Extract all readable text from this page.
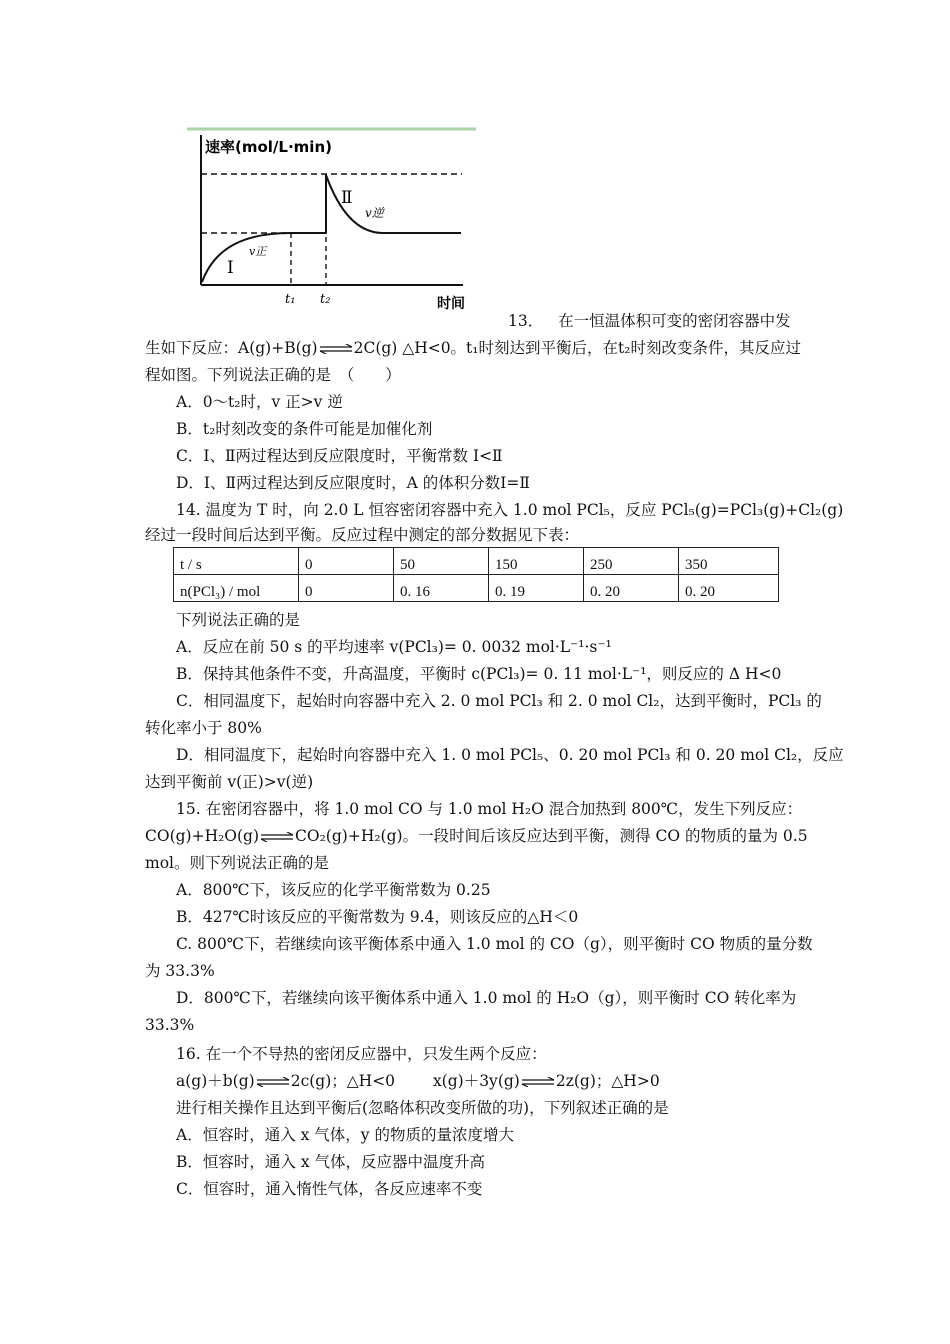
速率(mol/L·min)
时间
t₁ t₂
Ⅰ
Ⅱ
v正
v逆
13． 在一恒温体积可变的密闭容器中发
生如下反应：A(g)+B(g)⇌2C(g) △H<0。t₁时刻达到平衡后，在t₂时刻改变条件，其反应过
程如图。下列说法正确的是　（　　）
A．0～t₂时，v 正>v 逆
B．t₂时刻改变的条件可能是加催化剂
C．Ⅰ、Ⅱ两过程达到反应限度时，平衡常数 I<Ⅱ
D．Ⅰ、Ⅱ两过程达到反应限度时，A 的体积分数Ⅰ=Ⅱ
14. 温度为 T 时，向 2.0 L 恒容密闭容器中充入 1.0 mol PCl₅，反应 PCl₅(g)=PCl₃(g)+Cl₂(g)
经过一段时间后达到平衡。反应过程中测定的部分数据见下表：
t / s	0	50	150	250	350
n(PCl₃) / mol	0	0. 16	0. 19	0. 20	0. 20
下列说法正确的是
A．反应在前 50 s 的平均速率 v(PCl₃)= 0. 0032 mol·L⁻¹·s⁻¹
B．保持其他条件不变，升高温度，平衡时 c(PCl₃)= 0. 11 mol·L⁻¹，则反应的 Δ H<0
C．相同温度下，起始时向容器中充入 2. 0 mol PCl₃ 和 2. 0 mol Cl₂，达到平衡时，PCl₃ 的
转化率小于 80%
D．相同温度下，起始时向容器中充入 1. 0 mol PCl₅、0. 20 mol PCl₃ 和 0. 20 mol Cl₂，反应
达到平衡前 v(正)>v(逆)
15. 在密闭容器中，将 1.0 mol CO 与 1.0 mol H₂O 混合加热到 800℃，发生下列反应：
CO(g)+H₂O(g)⇌CO₂(g)+H₂(g)。一段时间后该反应达到平衡，测得 CO 的物质的量为 0.5
mol。则下列说法正确的是
A．800℃下，该反应的化学平衡常数为 0.25
B．427℃时该反应的平衡常数为 9.4，则该反应的△H＜0
C. 800℃下，若继续向该平衡体系中通入 1.0 mol 的 CO（g），则平衡时 CO 物质的量分数
为 33.3%
D．800℃下，若继续向该平衡体系中通入 1.0 mol 的 H₂O（g），则平衡时 CO 转化率为
33.3%
16. 在一个不导热的密闭反应器中，只发生两个反应：
a(g)＋b(g)⇌2c(g)；△H<0 x(g)＋3y(g)⇌2z(g)；△H>0
进行相关操作且达到平衡后(忽略体积改变所做的功)，下列叙述正确的是
A．恒容时，通入 x 气体，y 的物质的量浓度增大
B．恒容时，通入 x 气体，反应器中温度升高
C．恒容时，通入惰性气体，各反应速率不变
